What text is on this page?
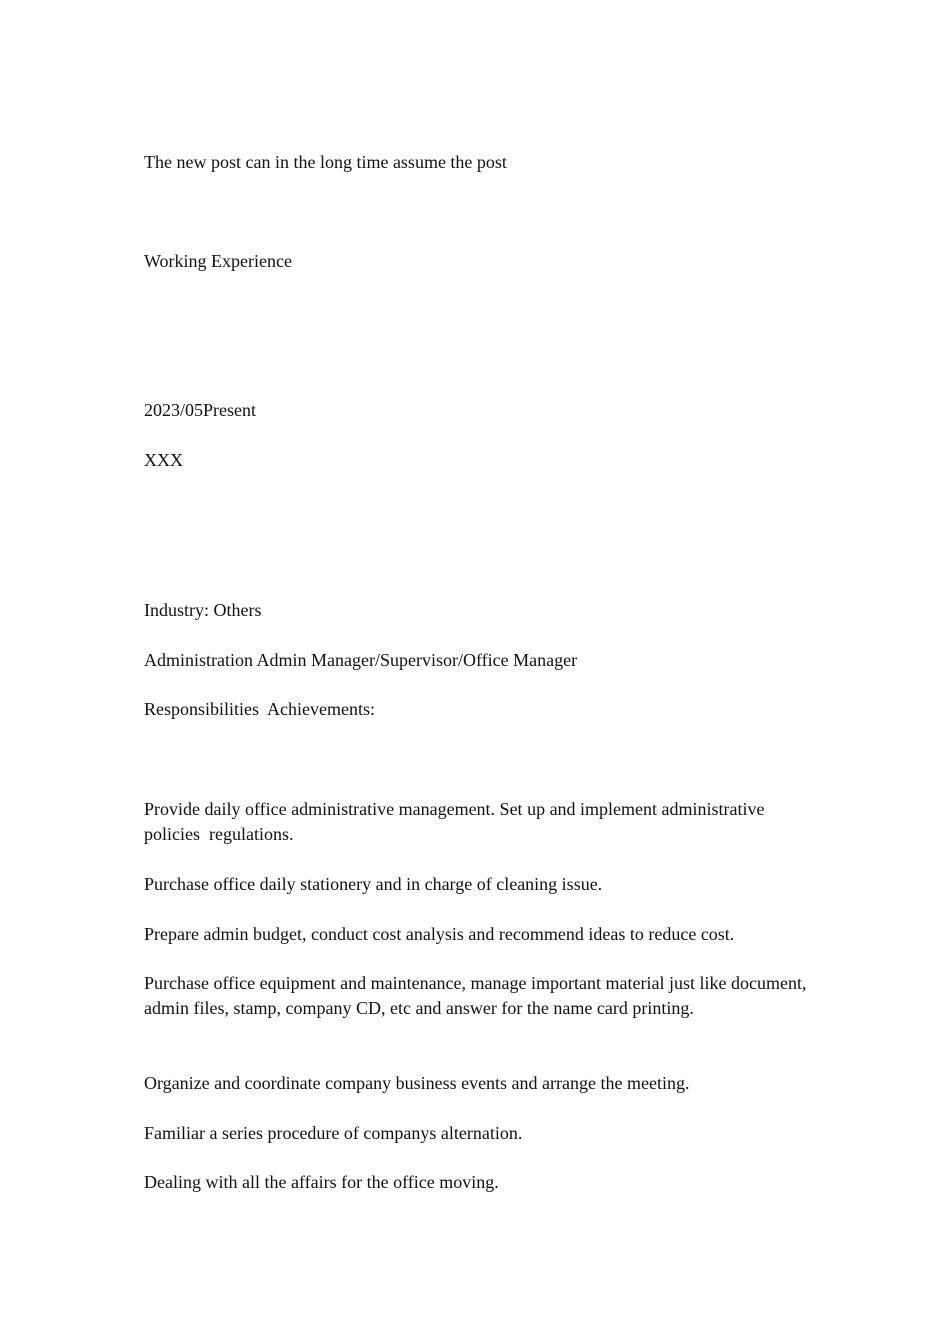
The new post can in the long time assume the post

Working Experience

2023/05Present

XXX

Industry: Others

Administration Admin Manager/Supervisor/Office Manager

Responsibilities  Achievements:

Provide daily office administrative management. Set up and implement administrative policies  regulations.

Purchase office daily stationery and in charge of cleaning issue.

Prepare admin budget, conduct cost analysis and recommend ideas to reduce cost.

Purchase office equipment and maintenance, manage important material just like document, admin files, stamp, company CD, etc and answer for the name card printing.

Organize and coordinate company business events and arrange the meeting.

Familiar a series procedure of companys alternation.

Dealing with all the affairs for the office moving.
